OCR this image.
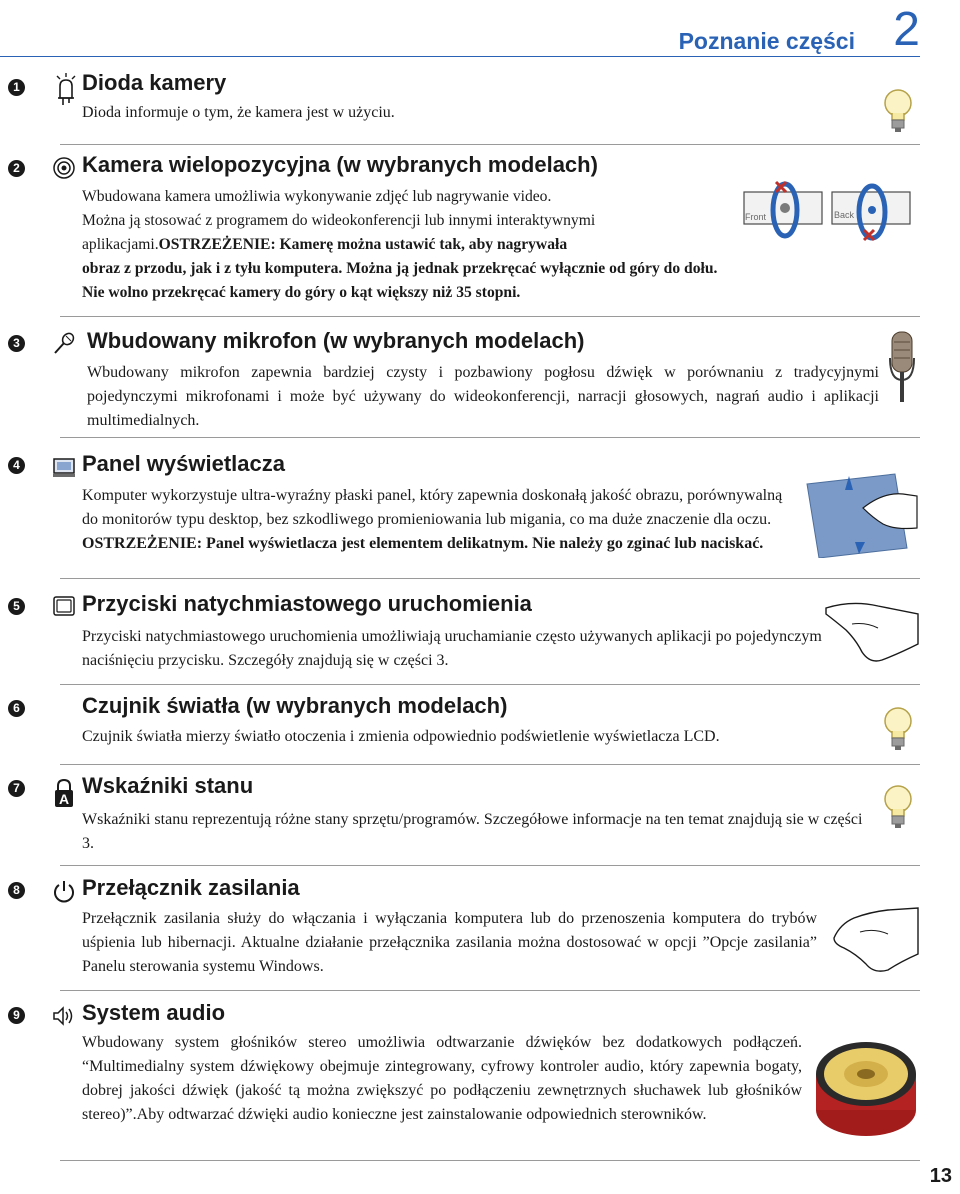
Poznanie części 2
1	Dioda kamery
Dioda informuje o tym, że kamera jest w użyciu.
2	Kamera wielopozycyjna (w wybranych modelach)
Wbudowana kamera umożliwia wykonywanie zdjęć lub nagrywanie video.
Można ją stosować z programem do wideokonferencji lub innymi interaktywnymi
aplikacjami.OSTRZEŻENIE: Kamerę można ustawić tak, aby nagrywała
obraz z przodu, jak i z tyłu komputera. Można ją jednak przekręcać wyłącznie od góry do dołu.
Nie wolno przekręcać kamery do góry o kąt większy niż 35 stopni.
Front	Back
3	Wbudowany mikrofon (w wybranych modelach)
Wbudowany mikrofon zapewnia bardziej czysty i pozbawiony pogłosu dźwięk w porównaniu z tradycyjnymi pojedynczymi mikrofonami i może być używany do wideokonferencji, narracji głosowych, nagrań audio i aplikacji multimedialnych.
4	Panel wyświetlacza
Komputer wykorzystuje ultra-wyraźny płaski panel, który zapewnia doskonałą jakość obrazu, porównywalną do monitorów typu desktop, bez szkodliwego promieniowania lub migania, co ma duże znaczenie dla oczu. OSTRZEŻENIE: Panel wyświetlacza jest elementem delikatnym. Nie należy go zginać lub naciskać.
5	Przyciski natychmiastowego uruchomienia
Przyciski natychmiastowego uruchomienia umożliwiają uruchamianie często używanych aplikacji po pojedynczym naciśnięciu przycisku. Szczegóły znajdują się w części 3.
6	Czujnik światła (w wybranych modelach)
Czujnik światła mierzy światło otoczenia i zmienia odpowiednio podświetlenie wyświetlacza LCD.
7
A
Wskaźniki stanu
Wskaźniki stanu reprezentują różne stany sprzętu/programów. Szczegółowe informacje na ten temat znajdują sie w części 3.
8	Przełącznik zasilania
Przełącznik zasilania służy do włączania i wyłączania komputera lub do przenoszenia komputera do trybów uśpienia lub hibernacji. Aktualne działanie przełącznika zasilania można dostosować w opcji ”Opcje zasilania” Panelu sterowania systemu Windows.
9	System audio
Wbudowany system głośników stereo umożliwia odtwarzanie dźwięków bez dodatkowych podłączeń. “Multimedialny system dźwiękowy obejmuje zintegrowany, cyfrowy kontroler audio, który zapewnia bogaty, dobrej jakości dźwięk (jakość tą można zwiększyć po podłączeniu zewnętrznych słuchawek lub głośników stereo)”.Aby odtwarzać dźwięki audio konieczne jest zainstalowanie odpowiednich sterowników.
13
